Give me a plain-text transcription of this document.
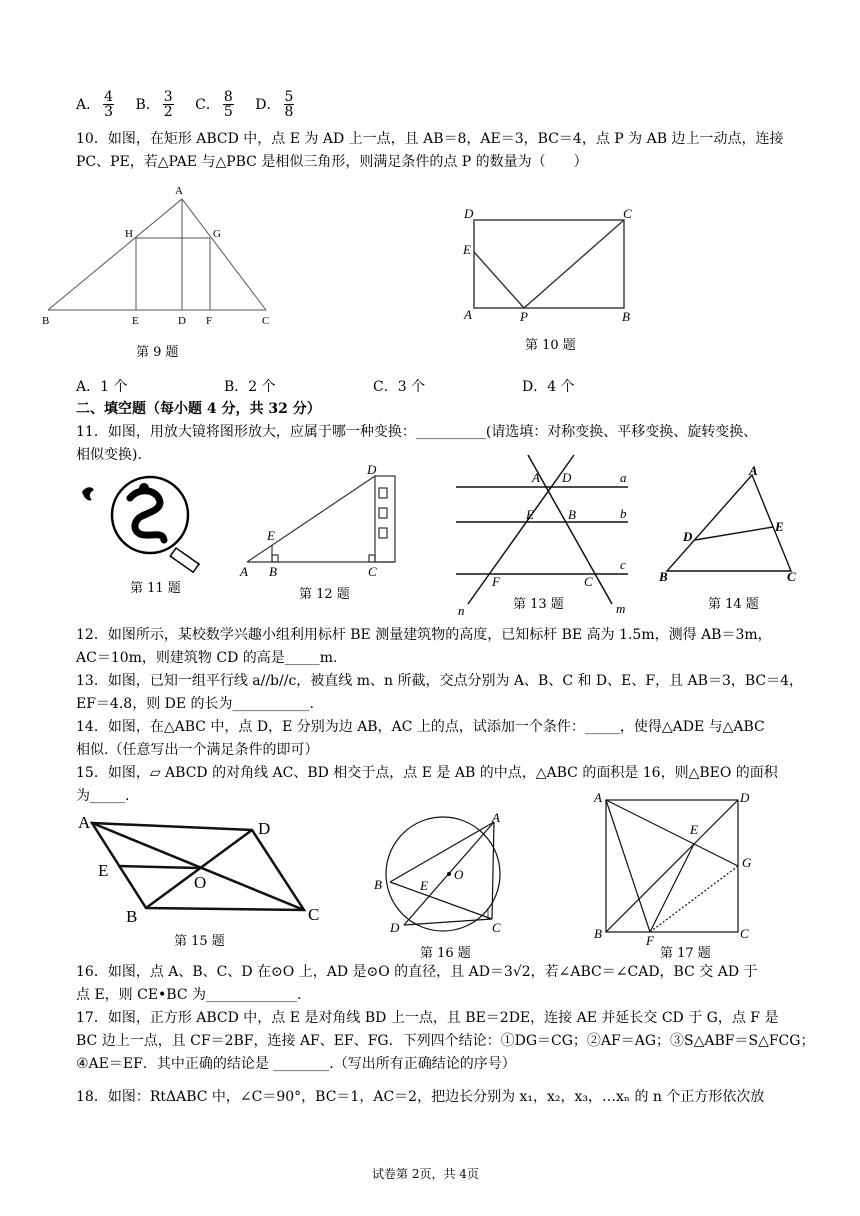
A． $\frac{4}{3}$ B． $\frac{3}{2}$ C． $\frac{8}{5}$ D． $\frac{5}{8}$
10．如图，在矩形 ABCD 中，点 E 为 AD 上一点，且 AB＝8，AE＝3，BC＝4，点 P 为 AB 边上一动点，连接
PC、PE，若△PAE 与△PBC 是相似三角形，则满足条件的点 P 的数量为（　　）
A
H	G
B	E	D F	C
第 9 题
D	C
E
A	P	B
第 10 题
A．1 个	B．2 个	C．3 个	D．4 个
二、填空题（每小题 4 分，共 32 分）
11．如图，用放大镜将图形放大，应属于哪一种变换：__________(请选填：对称变换、平移变换、旋转变换、
相似变换).
第 11 题
D
E
A B	C
第 12 题
A D
E	B
F	C
a
b
c
n	m
第 13 题
A
D
E
B	C
第 14 题
12．如图所示，某校数学兴趣小组利用标杆 BE 测量建筑物的高度，已知标杆 BE 高为 1.5m，测得 AB＝3m，
AC＝10m，则建筑物 CD 的高是_____m.
13．如图，已知一组平行线 a//b//c，被直线 m、n 所截，交点分别为 A、B、C 和 D、E、F，且 AB＝3，BC＝4，
EF＝4.8，则 DE 的长为___________.
14．如图，在△ABC 中，点 D，E 分别为边 AB，AC 上的点，试添加一个条件：_____，使得△ADE 与△ABC
相似.（任意写出一个满足条件的即可）
15．如图，▱ ABCD 的对角线 AC、BD 相交于点，点 E 是 AB 的中点，△ABC 的面积是 16，则△BEO 的面积
为_____.
A	D
E
O
B	C
第 15 题
A
O
B	E
D	C
第 16 题
A	D
E
G
B	F	C
第 17 题
16．如图，点 A、B、C、D 在⊙O 上，AD 是⊙O 的直径，且 AD＝3√2，若∠ABC＝∠CAD，BC 交 AD 于
点 E，则 CE•BC 为_____________.
17．如图，正方形 ABCD 中，点 E 是对角线 BD 上一点，且 BE＝2DE，连接 AE 并延长交 CD 于 G，点 F 是
BC 边上一点，且 CF＝2BF，连接 AF、EF、FG．下列四个结论：①DG＝CG；②AF＝AG；③S△ABF＝S△FCG；
④AE＝EF．其中正确的结论是 ________.（写出所有正确结论的序号）
18．如图：RtΔABC 中，∠C＝90°，BC＝1，AC＝2，把边长分别为 x₁，x₂，x₃，…xₙ 的 n 个正方形依次放
试卷第 2页，共 4页
